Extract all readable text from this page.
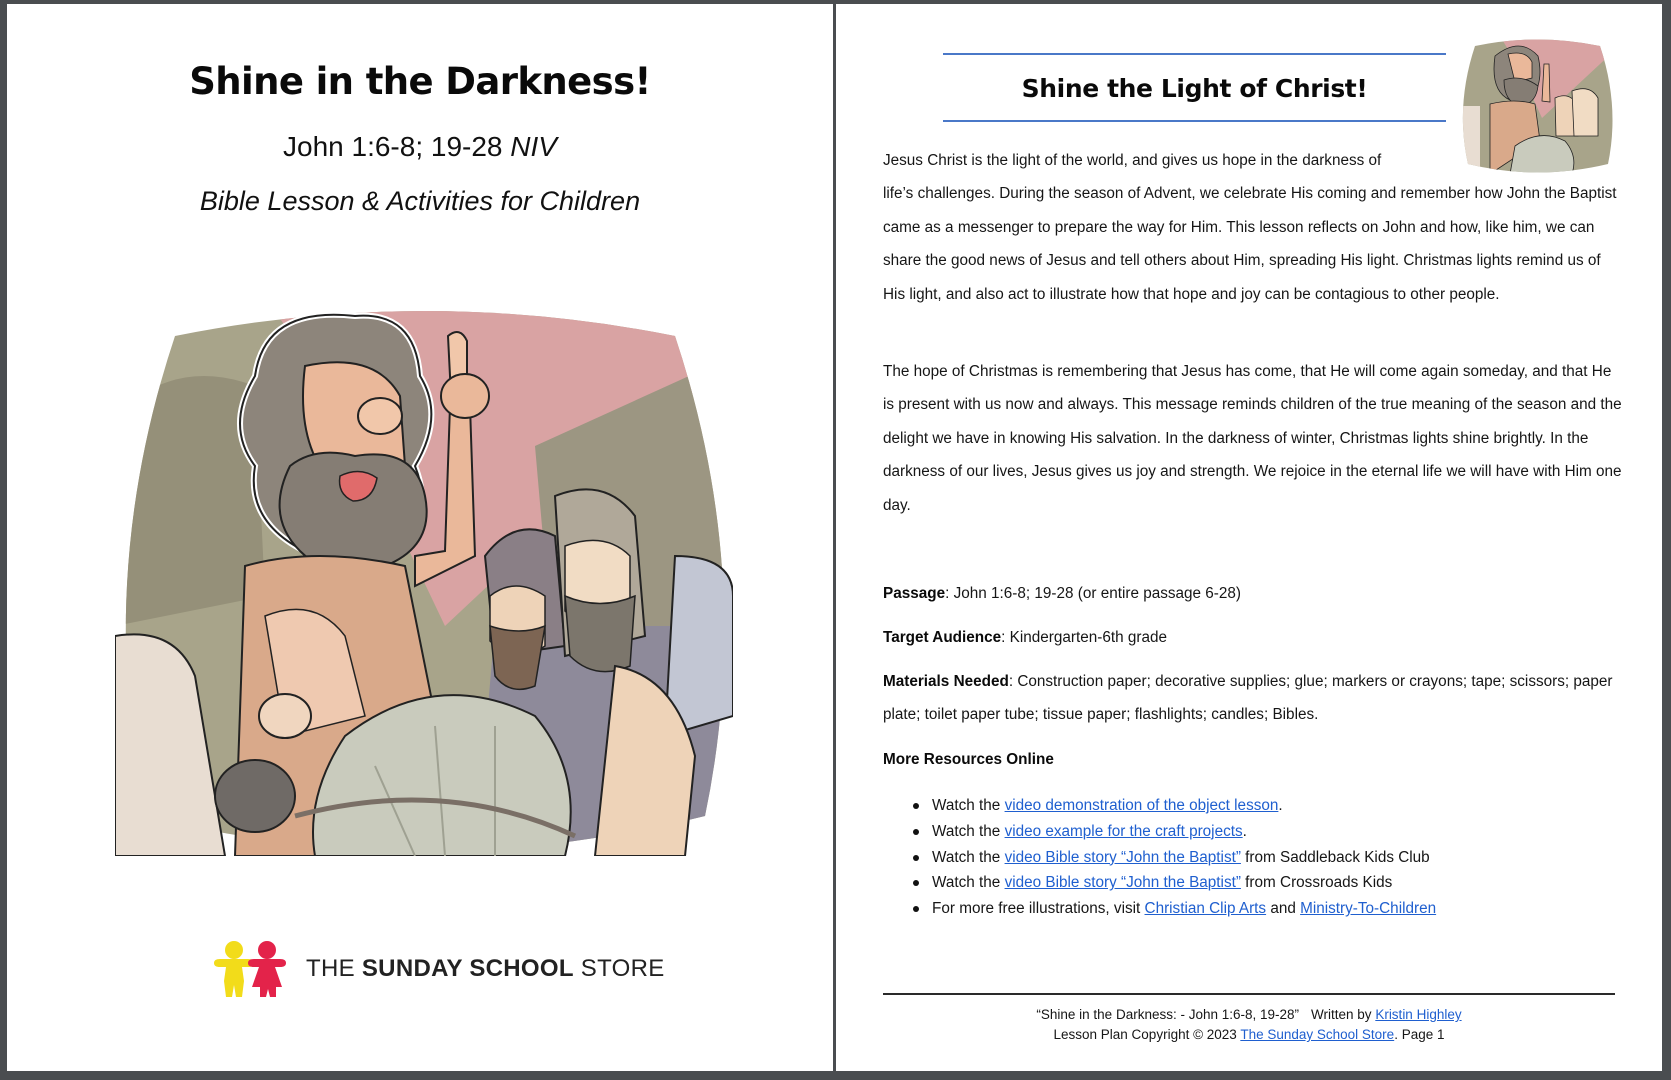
Shine in the Darkness!
John 1:6-8; 19-28 NIV
Bible Lesson & Activities for Children
THE SUNDAY SCHOOL STORE
Shine the Light of Christ!
Jesus Christ is the light of the world, and gives us hope in the darkness of
life’s challenges. During the season of Advent, we celebrate His coming and remember how John the Baptist came as a messenger to prepare the way for Him. This lesson reflects on John and how, like him, we can share the good news of Jesus and tell others about Him, spreading His light. Christmas lights remind us of His light, and also act to illustrate how that hope and joy can be contagious to other people.
The hope of Christmas is remembering that Jesus has come, that He will come again someday, and that He is present with us now and always. This message reminds children of the true meaning of the season and the delight we have in knowing His salvation. In the darkness of winter, Christmas lights shine brightly. In the darkness of our lives, Jesus gives us joy and strength. We rejoice in the eternal life we will have with Him one day.
Passage: John 1:6-8; 19-28 (or entire passage 6-28)
Target Audience: Kindergarten-6th grade
Materials Needed: Construction paper; decorative supplies; glue; markers or crayons; tape; scissors; paper plate; toilet paper tube; tissue paper; flashlights; candles; Bibles.
More Resources Online
Watch the video demonstration of the object lesson.
Watch the video example for the craft projects.
Watch the video Bible story “John the Baptist” from Saddleback Kids Club
Watch the video Bible story “John the Baptist” from Crossroads Kids
For more free illustrations, visit Christian Clip Arts and Ministry-To-Children
“Shine in the Darkness: - John 1:6-8, 19-28” Written by Kristin Highley
Lesson Plan Copyright © 2023 The Sunday School Store. Page 1
